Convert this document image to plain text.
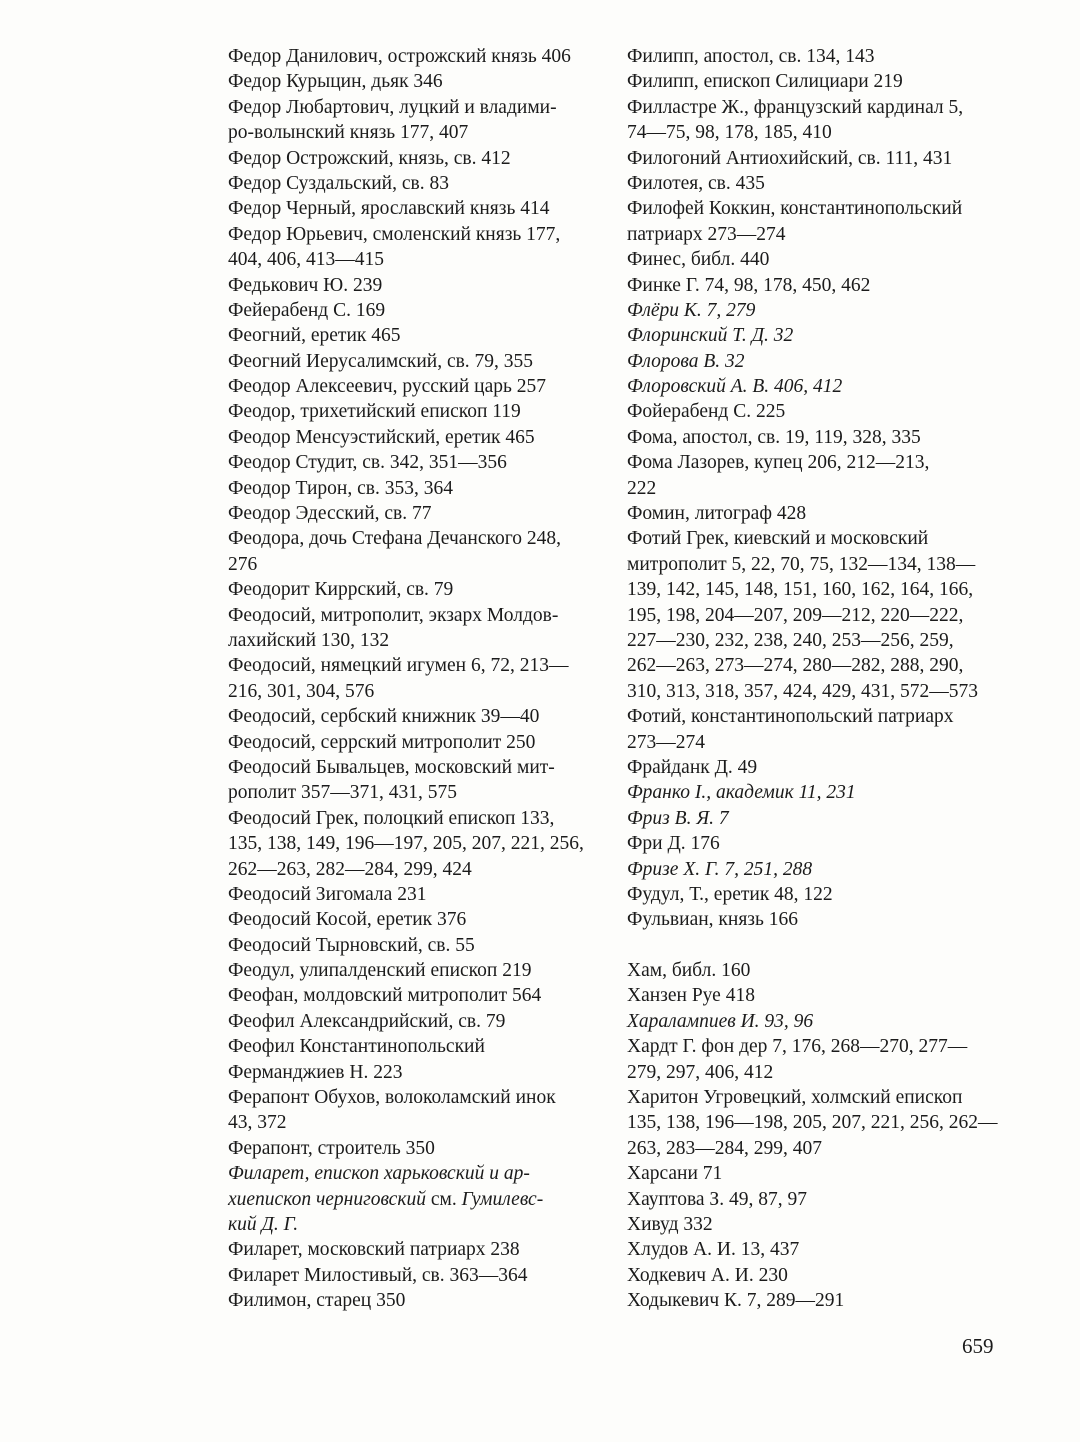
Федор Данилович, острожский князь 406
Федор Курыцин, дьяк 346
Федор Любартович, луцкий и владими-
ро-волынский князь 177, 407
Федор Острожский, князь, св. 412
Федор Суздальский, св. 83
Федор Черный, ярославский князь 414
Федор Юрьевич, смоленский князь 177,
404, 406, 413—415
Федькович Ю. 239
Фейерабенд С. 169
Феогний, еретик 465
Феогний Иерусалимский, св. 79, 355
Феодор Алексеевич, русский царь 257
Феодор, трихетийский епископ 119
Феодор Менсуэстийский, еретик 465
Феодор Студит, св. 342, 351—356
Феодор Тирон, св. 353, 364
Феодор Эдесский, св. 77
Феодора, дочь Стефана Дечанского 248,
276
Феодорит Киррский, св. 79
Феодосий, митрополит, экзарх Молдов-
лахийский 130, 132
Феодосий, нямецкий игумен 6, 72, 213—
216, 301, 304, 576
Феодосий, сербский книжник 39—40
Феодосий, серрский митрополит 250
Феодосий Бывальцев, московский мит-
рополит 357—371, 431, 575
Феодосий Грек, полоцкий епископ 133,
135, 138, 149, 196—197, 205, 207, 221, 256,
262—263, 282—284, 299, 424
Феодосий Зигомала 231
Феодосий Косой, еретик 376
Феодосий Тырновский, св. 55
Феодул, улипалденский епископ 219
Феофан, молдовский митрополит 564
Феофил Александрийский, св. 79
Феофил Константинопольский
Ферманджиев Н. 223
Ферапонт Обухов, волоколамский инок
43, 372
Ферапонт, строитель 350
Филарет, епископ харьковский и ар-
хиепископ черниговский см. Гумилевс-
кий Д. Г.
Филарет, московский патриарх 238
Филарет Милостивый, св. 363—364
Филимон, старец 350
Филипп, апостол, св. 134, 143
Филипп, епископ Силициари 219
Филластре Ж., французский кардинал 5,
74—75, 98, 178, 185, 410
Филогоний Антиохийский, св. 111, 431
Филотея, св. 435
Филофей Коккин, константинопольский
патриарх 273—274
Финес, библ. 440
Финке Г. 74, 98, 178, 450, 462
Флёри К. 7, 279
Флоринский Т. Д. 32
Флорова В. 32
Флоровский А. В. 406, 412
Фойерабенд С. 225
Фома, апостол, св. 19, 119, 328, 335
Фома Лазорев, купец 206, 212—213,
222
Фомин, литограф 428
Фотий Грек, киевский и московский
митрополит 5, 22, 70, 75, 132—134, 138—
139, 142, 145, 148, 151, 160, 162, 164, 166,
195, 198, 204—207, 209—212, 220—222,
227—230, 232, 238, 240, 253—256, 259,
262—263, 273—274, 280—282, 288, 290,
310, 313, 318, 357, 424, 429, 431, 572—573
Фотий, константинопольский патриарх
273—274
Фрайданк Д. 49
Франко I., академик 11, 231
Фриз В. Я. 7
Фри Д. 176
Фризе Х. Г. 7, 251, 288
Фудул, Т., еретик 48, 122
Фульвиан, князь 166
Хам, библ. 160
Ханзен Руе 418
Харалампиев И. 93, 96
Хардт Г. фон дер 7, 176, 268—270, 277—
279, 297, 406, 412
Харитон Угровецкий, холмский епископ
135, 138, 196—198, 205, 207, 221, 256, 262—
263, 283—284, 299, 407
Харсани 71
Хауптова З. 49, 87, 97
Хивуд 332
Хлудов А. И. 13, 437
Ходкевич А. И. 230
Ходыкевич К. 7, 289—291
659
